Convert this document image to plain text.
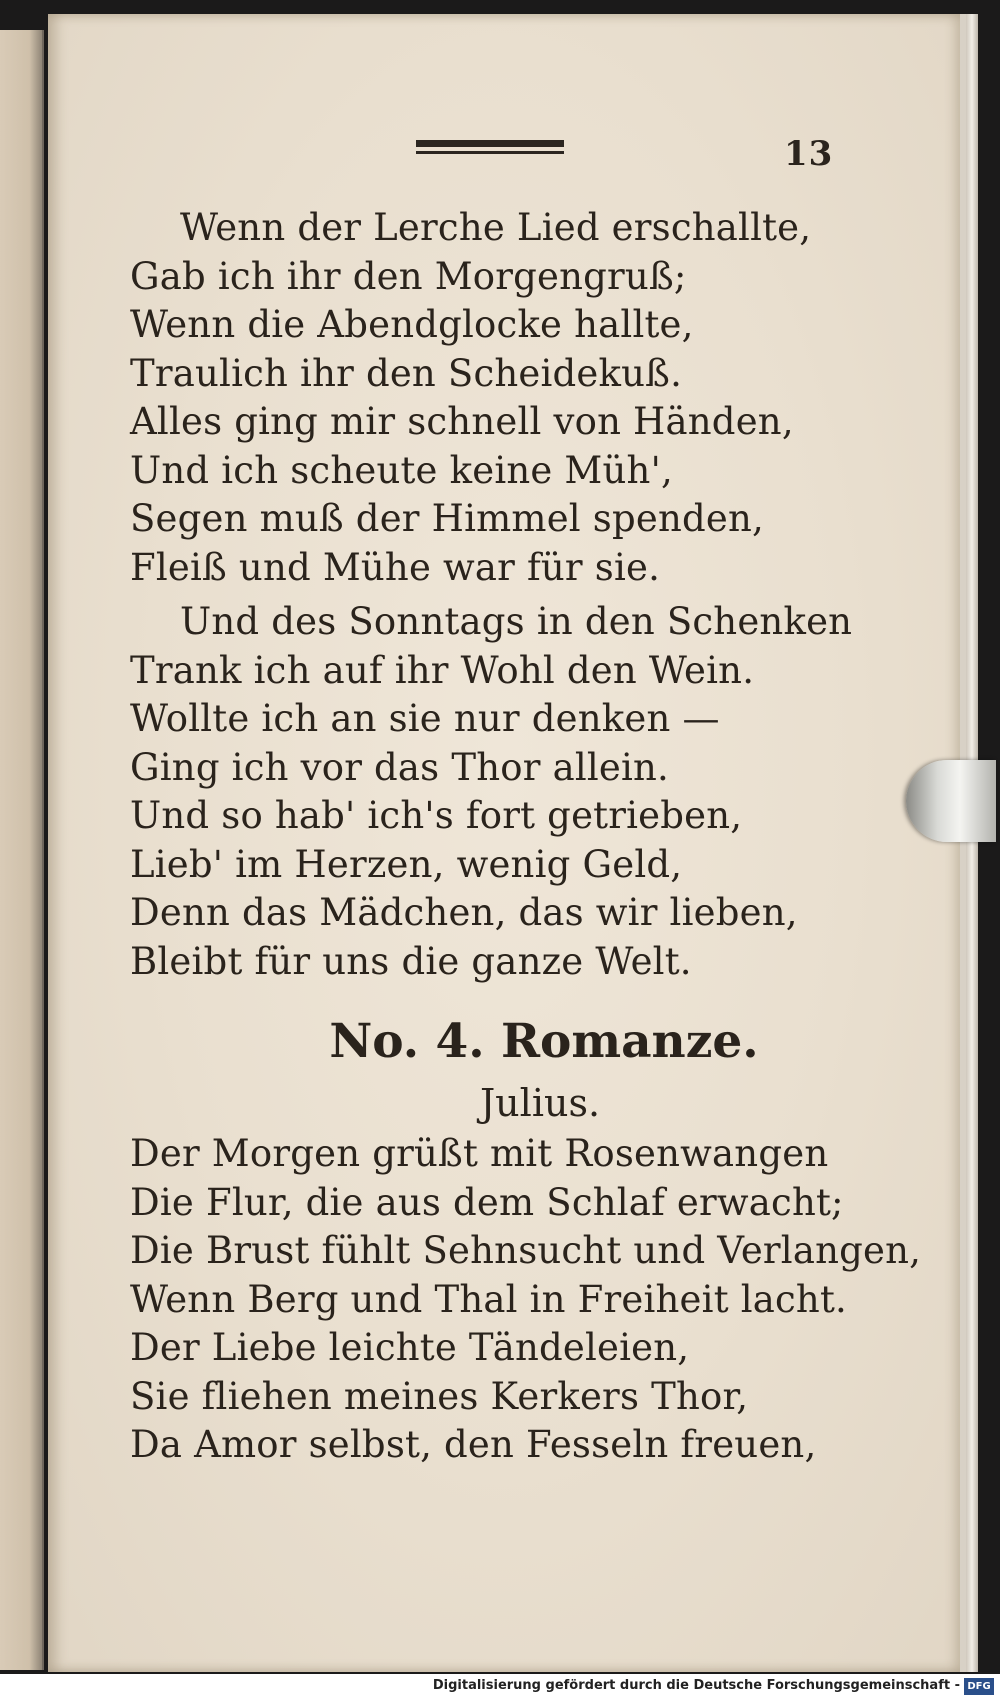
13
Wenn der Lerche Lied erschallte,
Gab ich ihr den Morgengruß;
Wenn die Abendglocke hallte,
Traulich ihr den Scheidekuß.
Alles ging mir schnell von Händen,
Und ich scheute keine Müh',
Segen muß der Himmel spenden,
Fleiß und Mühe war für sie.
Und des Sonntags in den Schenken
Trank ich auf ihr Wohl den Wein.
Wollte ich an sie nur denken —
Ging ich vor das Thor allein.
Und so hab' ich's fort getrieben,
Lieb' im Herzen, wenig Geld,
Denn das Mädchen, das wir lieben,
Bleibt für uns die ganze Welt.
No. 4. Romanze.
Julius.
Der Morgen grüßt mit Rosenwangen
Die Flur, die aus dem Schlaf erwacht;
Die Brust fühlt Sehnsucht und Verlangen,
Wenn Berg und Thal in Freiheit lacht.
Der Liebe leichte Tändeleien,
Sie fliehen meines Kerkers Thor,
Da Amor selbst, den Fesseln freuen,
Digitalisierung gefördert durch die Deutsche Forschungsgemeinschaft - DFG
